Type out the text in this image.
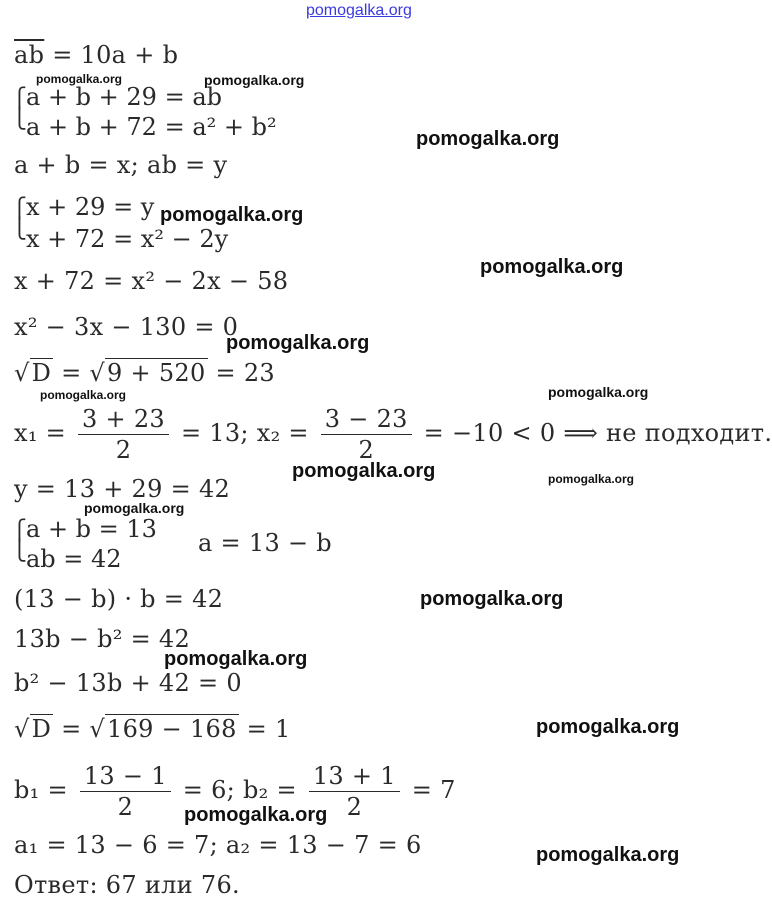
pomogalka.org
$\overline{ab} = 10a + b$
⎧
⎩
a + b + 29 = ab
a + b + 72 = a² + b²
a + b = x; ab = y
⎧
⎩
x + 29 = y
x + 72 = x² − 2y
x + 72 = x² − 2x − 58
x² − 3x − 130 = 0
√D = √9 + 520 = 23
$x_1 = \frac{3 + 23}{2} = 13$; $x_2 = \frac{3 - 23}{2} = -10 < 0$ ⟹ не подходит.
y = 13 + 29 = 42
⎧
⎩
a + b = 13
ab = 42
a = 13 − b
(13 − b) · b = 42
13b − b² = 42
b² − 13b + 42 = 0
√D = √169 − 168 = 1
$b_1 = \frac{13 - 1}{2} = 6$; $b_2 = \frac{13 + 1}{2} = 7$
a₁ = 13 − 6 = 7; a₂ = 13 − 7 = 6
Ответ: 67 или 76.
pomogalka.org	pomogalka.org
pomogalka.org
pomogalka.org
pomogalka.org
pomogalka.org
pomogalka.org	pomogalka.org
pomogalka.org	pomogalka.org
pomogalka.org
pomogalka.org
pomogalka.org
pomogalka.org
pomogalka.org
pomogalka.org
